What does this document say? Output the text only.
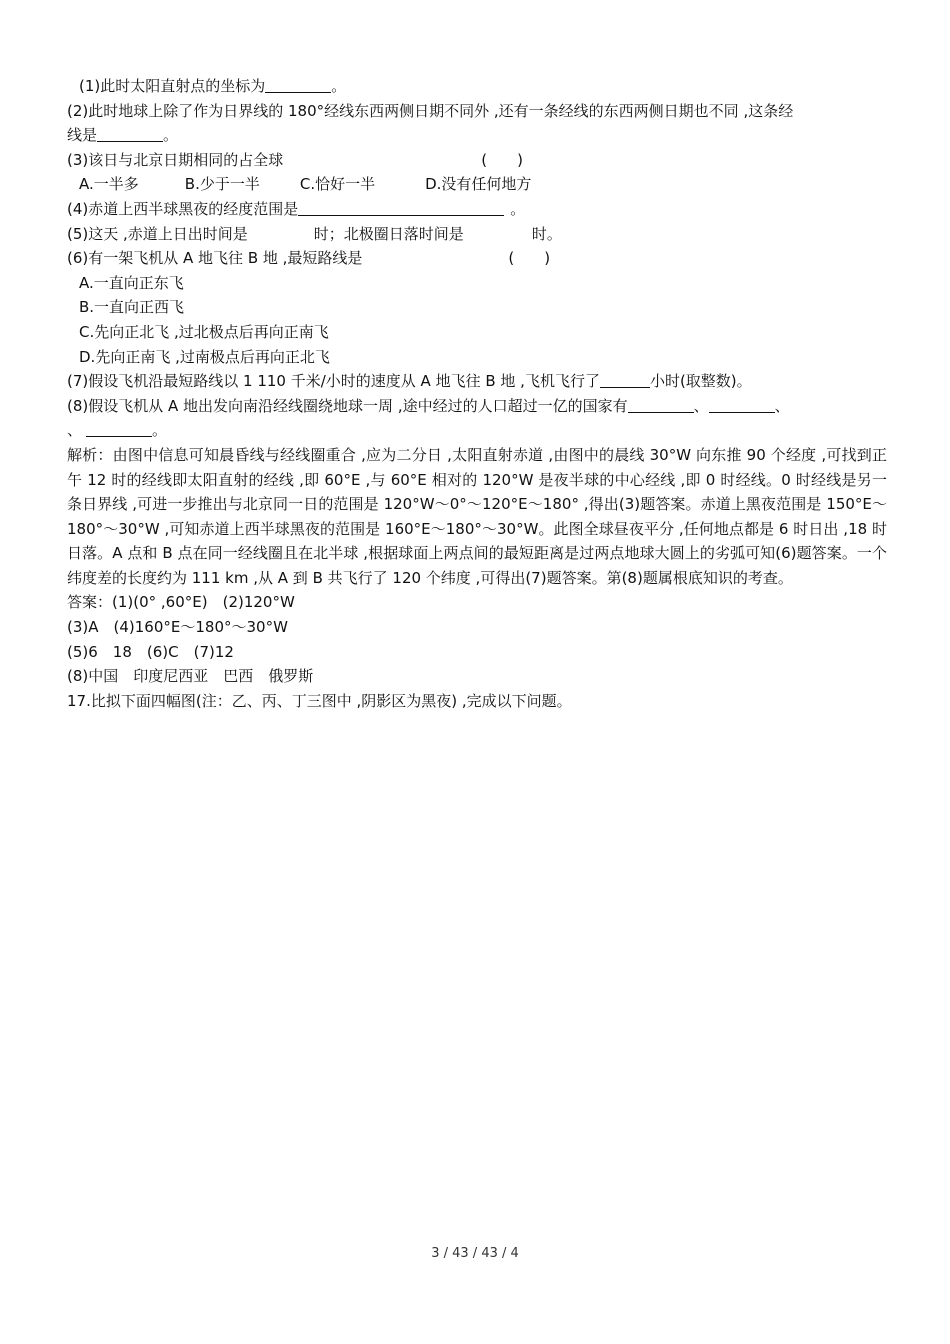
(1)此时太阳直射点的坐标为	。
(2)此时地球上除了作为日界线的 180°经线东西两侧日期不同外 ,还有一条经线的东西两侧日期也不同 ,这条经
线是	。
(3)该日与北京日期相同的占全球	(　　)
A.一半多	B.少于一半	C.恰好一半	D.没有任何地方
(4)赤道上西半球黑夜的经度范围是	。
(5)这天 ,赤道上日出时间是	时；北极圈日落时间是	时。
(6)有一架飞机从 A 地飞往 B 地 ,最短路线是	(　　)
A.一直向正东飞
B.一直向正西飞
C.先向正北飞 ,过北极点后再向正南飞
D.先向正南飞 ,过南极点后再向正北飞
(7)假设飞机沿最短路线以 1 110 千米/小时的速度从 A 地飞往 B 地 ,飞机飞行了	小时(取整数)。
(8)假设飞机从 A 地出发向南沿经线圈绕地球一周 ,途中经过的人口超过一亿的国家有	、	、
、	。
解析：由图中信息可知晨昏线与经线圈重合 ,应为二分日 ,太阳直射赤道 ,由图中的晨线 30°W 向东推 90 个经度 ,可找到正午 12 时的经线即太阳直射的经线 ,即 60°E ,与 60°E 相对的 120°W 是夜半球的中心经线 ,即 0 时经线。0 时经线是另一条日界线 ,可进一步推出与北京同一日的范围是 120°W～0°～120°E～180° ,得出(3)题答案。赤道上黑夜范围是 150°E～180°～30°W ,可知赤道上西半球黑夜的范围是 160°E～180°～30°W。此图全球昼夜平分 ,任何地点都是 6 时日出 ,18 时日落。A 点和 B 点在同一经线圈且在北半球 ,根据球面上两点间的最短距离是过两点地球大圆上的劣弧可知(6)题答案。一个纬度差的长度约为 111 km ,从 A 到 B 共飞行了 120 个纬度 ,可得出(7)题答案。第(8)题属根底知识的考查。
答案：(1)(0° ,60°E)　(2)120°W
(3)A　(4)160°E～180°～30°W
(5)6　18　(6)C　(7)12
(8)中国　印度尼西亚　巴西　俄罗斯
17.比拟下面四幅图(注：乙、丙、丁三图中 ,阴影区为黑夜) ,完成以下问题。
3 / 43 / 43 / 4
